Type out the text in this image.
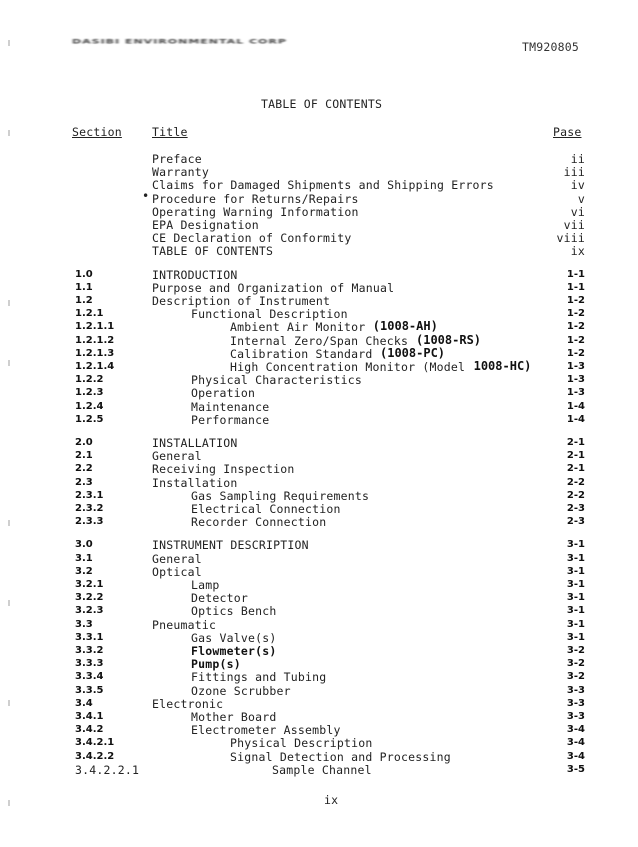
DASIBI ENVIRONMENTAL CORP	TM920805
TABLE OF CONTENTS
Section	Title	Pase
Preface	ii
Warranty	iii
Claims for Damaged Shipments and Shipping Errors	iv
• Procedure for Returns/Repairs	v
Operating Warning Information	vi
EPA Designation	vii
CE Declaration of Conformity	viii
TABLE OF CONTENTS	ix
1.0	INTRODUCTION	1-1
1.1	Purpose and Organization of Manual	1-1
1.2	Description of Instrument	1-2
1.2.1	Functional Description	1-2
1.2.1.1	Ambient Air Monitor (1008-AH)	1-2
1.2.1.2	Internal Zero/Span Checks (1008-RS)	1-2
1.2.1.3	Calibration Standard (1008-PC)	1-2
1.2.1.4	High Concentration Monitor (Model 1008-HC)	1-3
1.2.2	Physical Characteristics	1-3
1.2.3	Operation	1-3
1.2.4	Maintenance	1-4
1.2.5	Performance	1-4
2.0	INSTALLATION	2-1
2.1	General	2-1
2.2	Receiving Inspection	2-1
2.3	Installation	2-2
2.3.1	Gas Sampling Requirements	2-2
2.3.2	Electrical Connection	2-3
2.3.3	Recorder Connection	2-3
3.0	INSTRUMENT DESCRIPTION	3-1
3.1	General	3-1
3.2	Optical	3-1
3.2.1	Lamp	3-1
3.2.2	Detector	3-1
3.2.3	Optics Bench	3-1
3.3	Pneumatic	3-1
3.3.1	Gas Valve(s)	3-1
3.3.2	Flowmeter(s)	3-2
3.3.3	Pump(s)	3-2
3.3.4	Fittings and Tubing	3-2
3.3.5	Ozone Scrubber	3-3
3.4	Electronic	3-3
3.4.1	Mother Board	3-3
3.4.2	Electrometer Assembly	3-4
3.4.2.1	Physical Description	3-4
3.4.2.2	Signal Detection and Processing	3-4
3.4.2.2.1	Sample Channel	3-5
ix
